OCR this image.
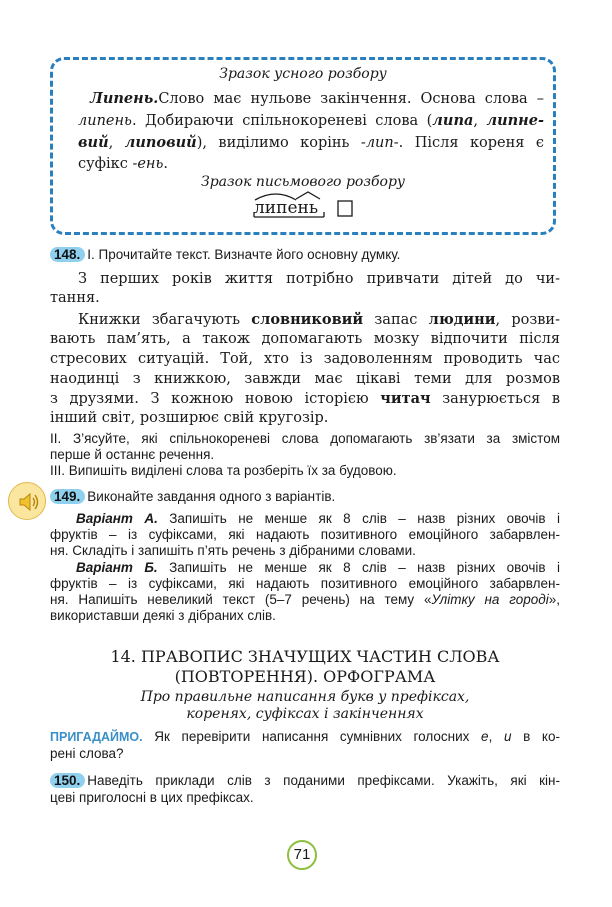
Зразок усного розбору
Липень.Слово має нульове закінчення. Основа слова –
липень. Добираючи спільнокореневі слова (липа, липне-
вий, липовий), виділимо корінь -лип-. Після кореня є
суфікс -ень.
Зразок письмового розбору
липень
148. І. Прочитайте текст. Визначте його основну думку.
З перших років життя потрібно привчати дітей до чи-
тання.
Книжки збагачують словниковий запас людини, розви-
вають пам’ять, а також допомагають мозку відпочити після
стресових ситуацій. Той, хто із задоволенням проводить час
наодинці з книжкою, завжди має цікаві теми для розмов
з друзями. З кожною новою історією читач занурюється в
інший світ, розширює свій кругозір.
ІІ. З’ясуйте, які спільнокореневі слова допомагають зв’язати за змістом
перше й останнє речення.
ІІІ. Випишіть виділені слова та розберіть їх за будовою.
149. Виконайте завдання одного з варіантів.
Варіант А. Запишіть не менше як 8 слів – назв різних овочів і
фруктів – із суфіксами, які надають позитивного емоційного забарвлен-
ня. Складіть і запишіть п’ять речень з дібраними словами.
Варіант Б. Запишіть не менше як 8 слів – назв різних овочів і
фруктів – із суфіксами, які надають позитивного емоційного забарвлен-
ня. Напишіть невеликий текст (5–7 речень) на тему «Улітку на городі»,
використавши деякі з дібраних слів.
14. ПРАВОПИС ЗНАЧУЩИХ ЧАСТИН СЛОВА
(ПОВТОРЕННЯ). ОРФОГРАМА
Про правильне написання букв у префіксах,
коренях, суфіксах і закінченнях
ПРИГАДАЙМО. Як перевірити написання сумнівних голосних е, и в ко-
рені слова?
150. Наведіть приклади слів з поданими префіксами. Укажіть, які кін-
цеві приголосні в цих префіксах.
71
